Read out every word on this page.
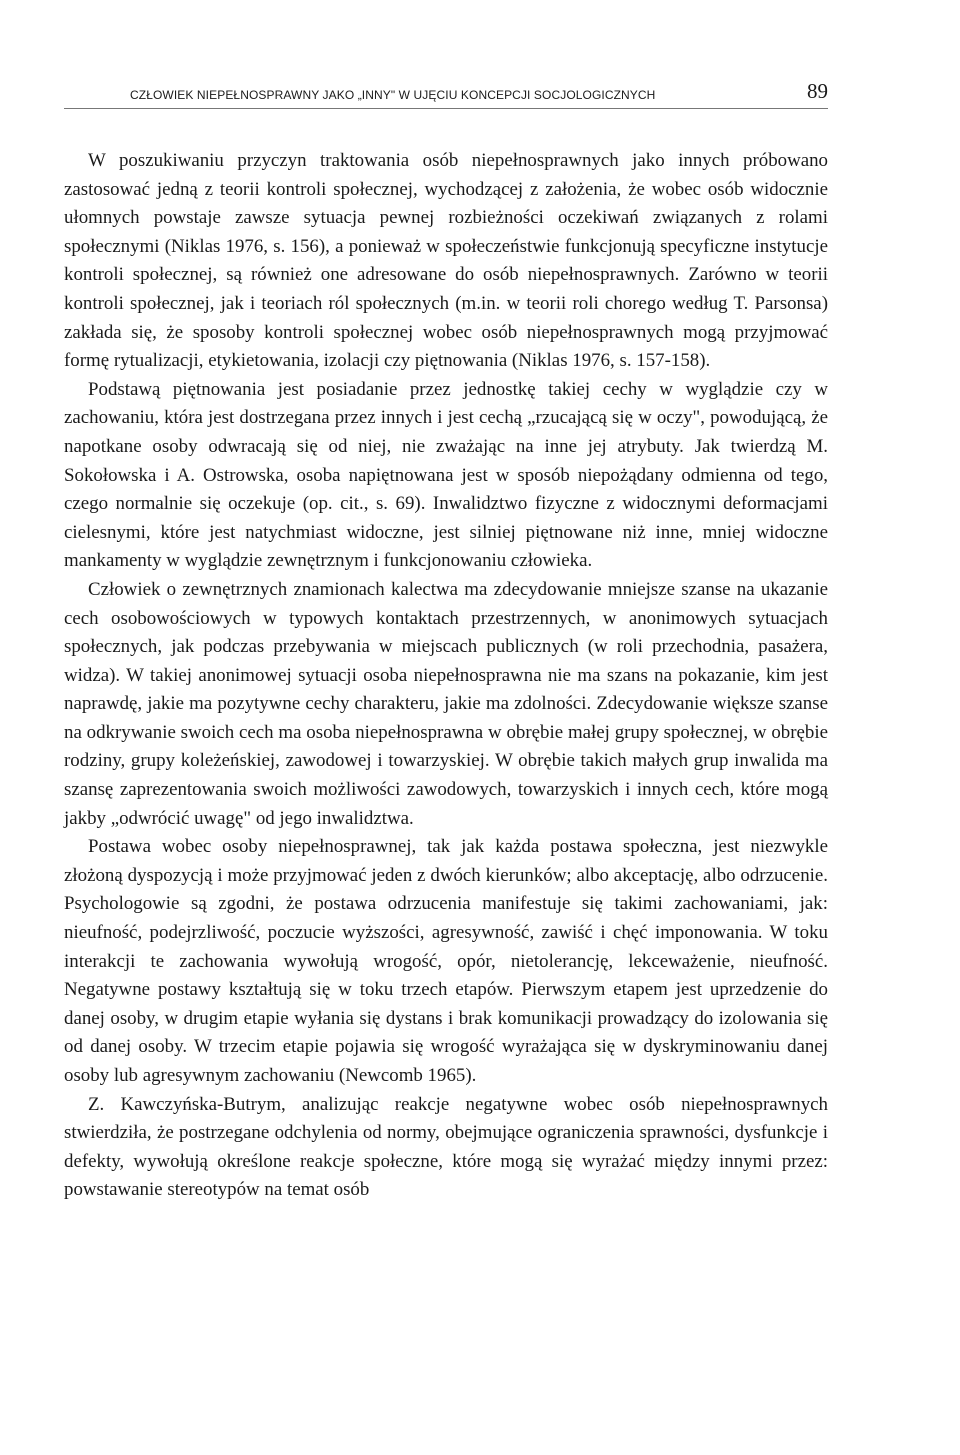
CZŁOWIEK NIEPEŁNOSPRAWNY JAKO „INNY" W UJĘCIU KONCEPCJI SOCJOLOGICZNYCH	89

W poszukiwaniu przyczyn traktowania osób niepełnosprawnych jako innych próbowano zastosować jedną z teorii kontroli społecznej, wychodzącej z założenia, że wobec osób widocznie ułomnych powstaje zawsze sytuacja pewnej rozbieżności oczekiwań związanych z rolami społecznymi (Niklas 1976, s. 156), a ponieważ w społeczeństwie funkcjonują specyficzne instytucje kontroli społecznej, są również one adresowane do osób niepełnosprawnych. Zarówno w teorii kontroli społecznej, jak i teoriach ról społecznych (m.in. w teorii roli chorego według T. Parsonsa) zakłada się, że sposoby kontroli społecznej wobec osób niepełnosprawnych mogą przyjmować formę rytualizacji, etykietowania, izolacji czy piętnowania (Niklas 1976, s. 157-158).

Podstawą piętnowania jest posiadanie przez jednostkę takiej cechy w wyglądzie czy w zachowaniu, która jest dostrzegana przez innych i jest cechą „rzucającą się w oczy", powodującą, że napotkane osoby odwracają się od niej, nie zważając na inne jej atrybuty. Jak twierdzą M. Sokołowska i A. Ostrowska, osoba napiętnowana jest w sposób niepożądany odmienna od tego, czego normalnie się oczekuje (op. cit., s. 69). Inwalidztwo fizyczne z widocznymi deformacjami cielesnymi, które jest natychmiast widoczne, jest silniej piętnowane niż inne, mniej widoczne mankamenty w wyglądzie zewnętrznym i funkcjonowaniu człowieka.

Człowiek o zewnętrznych znamionach kalectwa ma zdecydowanie mniejsze szanse na ukazanie cech osobowościowych w typowych kontaktach przestrzennych, w anonimowych sytuacjach społecznych, jak podczas przebywania w miejscach publicznych (w roli przechodnia, pasażera, widza). W takiej anonimowej sytuacji osoba niepełnosprawna nie ma szans na pokazanie, kim jest naprawdę, jakie ma pozytywne cechy charakteru, jakie ma zdolności. Zdecydowanie większe szanse na odkrywanie swoich cech ma osoba niepełnosprawna w obrębie małej grupy społecznej, w obrębie rodziny, grupy koleżeńskiej, zawodowej i towarzyskiej. W obrębie takich małych grup inwalida ma szansę zaprezentowania swoich możliwości zawodowych, towarzyskich i innych cech, które mogą jakby „odwrócić uwagę" od jego inwalidztwa.

Postawa wobec osoby niepełnosprawnej, tak jak każda postawa społeczna, jest niezwykle złożoną dyspozycją i może przyjmować jeden z dwóch kierunków; albo akceptację, albo odrzucenie. Psychologowie są zgodni, że postawa odrzucenia manifestuje się takimi zachowaniami, jak: nieufność, podejrzliwość, poczucie wyższości, agresywność, zawiść i chęć imponowania. W toku interakcji te zachowania wywołują wrogość, opór, nietolerancję, lekceważenie, nieufność. Negatywne postawy kształtują się w toku trzech etapów. Pierwszym etapem jest uprzedzenie do danej osoby, w drugim etapie wyłania się dystans i brak komunikacji prowadzący do izolowania się od danej osoby. W trzecim etapie pojawia się wrogość wyrażająca się w dyskryminowaniu danej osoby lub agresywnym zachowaniu (Newcomb 1965).

Z. Kawczyńska-Butrym, analizując reakcje negatywne wobec osób niepełnosprawnych stwierdziła, że postrzegane odchylenia od normy, obejmujące ograniczenia sprawności, dysfunkcje i defekty, wywołują określone reakcje społeczne, które mogą się wyrażać między innymi przez: powstawanie stereotypów na temat osób
